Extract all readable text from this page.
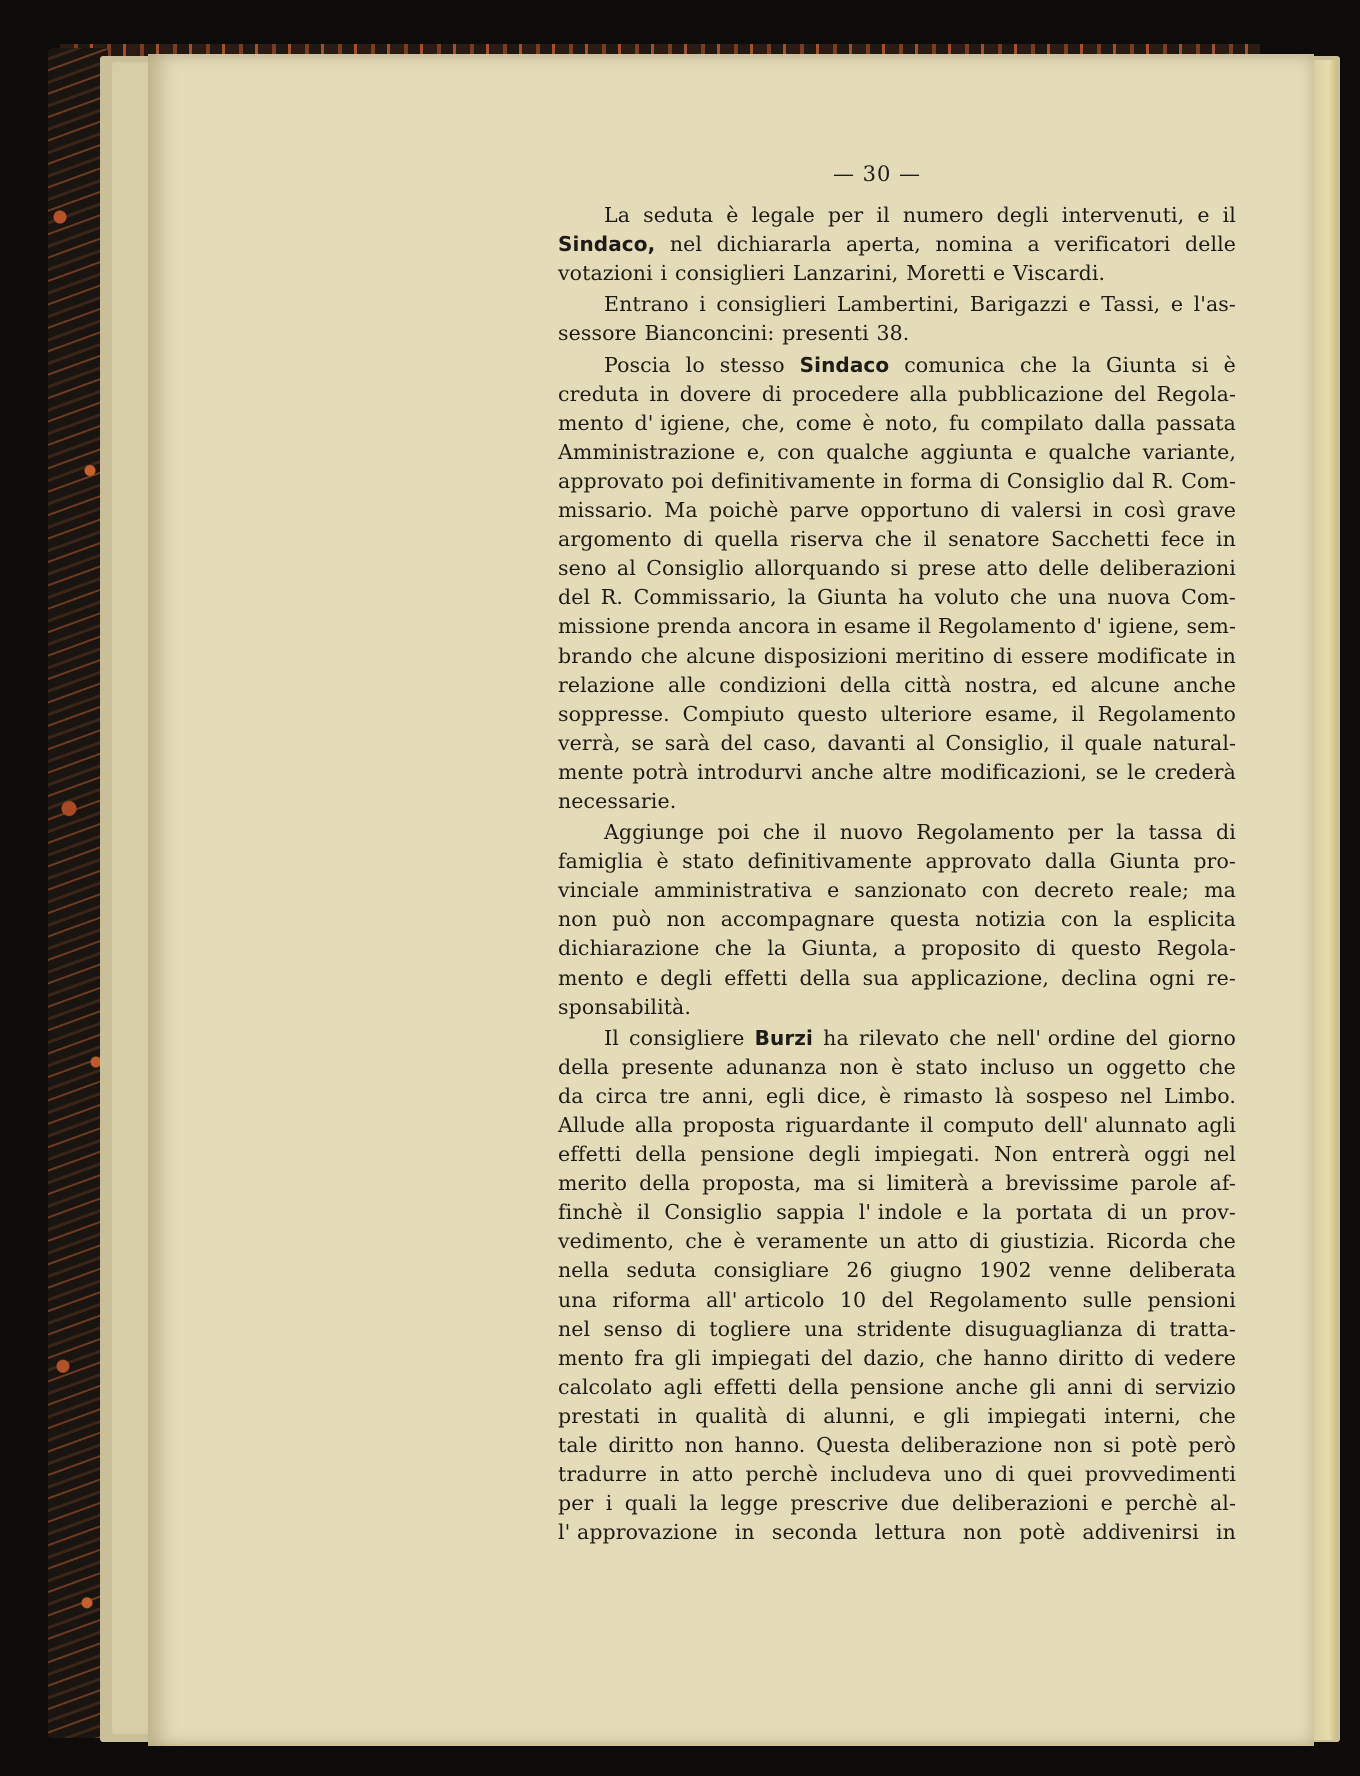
— 30 —
La seduta è legale per il numero degli intervenuti, e il
Sindaco, nel dichiararla aperta, nomina a verificatori delle
votazioni i consiglieri Lanzarini, Moretti e Viscardi.
Entrano i consiglieri Lambertini, Barigazzi e Tassi, e l'as-
sessore Bianconcini: presenti 38.
Poscia lo stesso Sindaco comunica che la Giunta si è
creduta in dovere di procedere alla pubblicazione del Regola-
mento d' igiene, che, come è noto, fu compilato dalla passata
Amministrazione e, con qualche aggiunta e qualche variante,
approvato poi definitivamente in forma di Consiglio dal R. Com-
missario. Ma poichè parve opportuno di valersi in così grave
argomento di quella riserva che il senatore Sacchetti fece in
seno al Consiglio allorquando si prese atto delle deliberazioni
del R. Commissario, la Giunta ha voluto che una nuova Com-
missione prenda ancora in esame il Regolamento d' igiene, sem-
brando che alcune disposizioni meritino di essere modificate in
relazione alle condizioni della città nostra, ed alcune anche
soppresse. Compiuto questo ulteriore esame, il Regolamento
verrà, se sarà del caso, davanti al Consiglio, il quale natural-
mente potrà introdurvi anche altre modificazioni, se le crederà
necessarie.
Aggiunge poi che il nuovo Regolamento per la tassa di
famiglia è stato definitivamente approvato dalla Giunta pro-
vinciale amministrativa e sanzionato con decreto reale; ma
non può non accompagnare questa notizia con la esplicita
dichiarazione che la Giunta, a proposito di questo Regola-
mento e degli effetti della sua applicazione, declina ogni re-
sponsabilità.
Il consigliere Burzi ha rilevato che nell' ordine del giorno
della presente adunanza non è stato incluso un oggetto che
da circa tre anni, egli dice, è rimasto là sospeso nel Limbo.
Allude alla proposta riguardante il computo dell' alunnato agli
effetti della pensione degli impiegati. Non entrerà oggi nel
merito della proposta, ma si limiterà a brevissime parole af-
finchè il Consiglio sappia l' indole e la portata di un prov-
vedimento, che è veramente un atto di giustizia. Ricorda che
nella seduta consigliare 26 giugno 1902 venne deliberata
una riforma all' articolo 10 del Regolamento sulle pensioni
nel senso di togliere una stridente disuguaglianza di tratta-
mento fra gli impiegati del dazio, che hanno diritto di vedere
calcolato agli effetti della pensione anche gli anni di servizio
prestati in qualità di alunni, e gli impiegati interni, che
tale diritto non hanno. Questa deliberazione non si potè però
tradurre in atto perchè includeva uno di quei provvedimenti
per i quali la legge prescrive due deliberazioni e perchè al-
l' approvazione in seconda lettura non potè addivenirsi in
